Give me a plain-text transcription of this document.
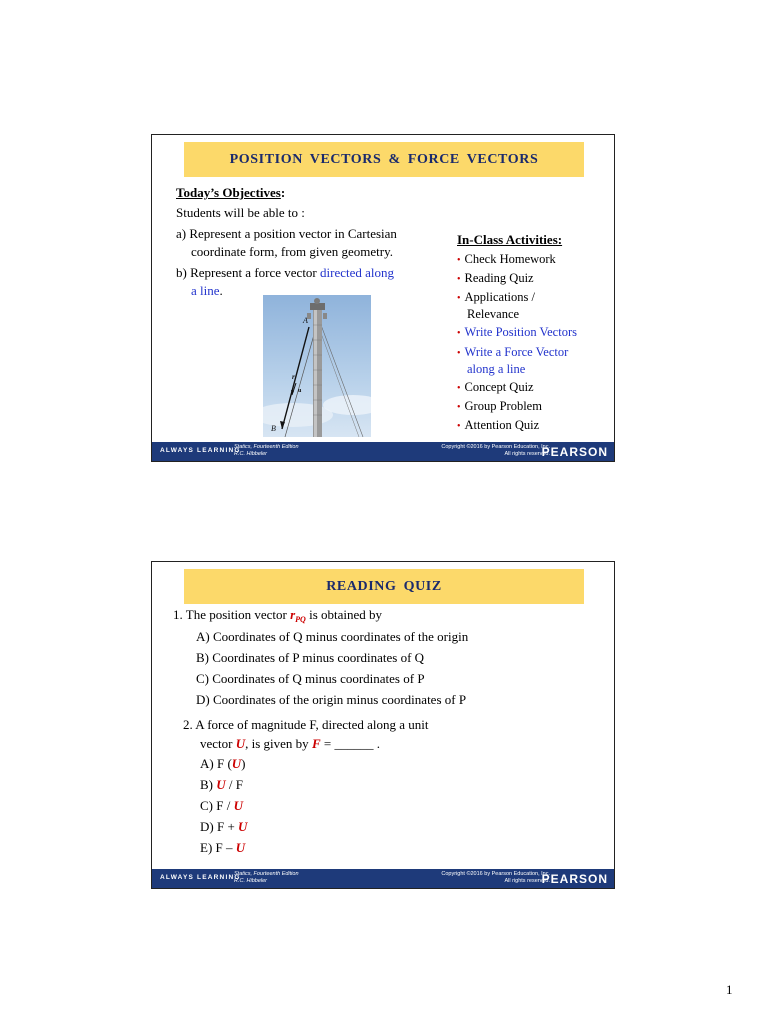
POSITION VECTORS & FORCE VECTORS
Today’s Objectives:
Students will be able to :
a) Represent a position vector in Cartesian
coordinate form, from given geometry.
b) Represent a force vector directed along
a line.
A
B
r
u
In-Class Activities:
• Check Homework
• Reading Quiz
• Applications /
Relevance
• Write Position Vectors
• Write a Force Vector
along a line
• Concept Quiz
• Group Problem
• Attention Quiz
ALWAYS LEARNING
Statics, Fourteenth Edition
R.C. Hibbeler
Copyright ©2016 by Pearson Education, Inc.
All rights reserved.
PEARSON
READING QUIZ
1. The position vector $r_{PQ}$ is obtained by
A) Coordinates of Q minus coordinates of the origin
B) Coordinates of P minus coordinates of Q
C) Coordinates of Q minus coordinates of P
D) Coordinates of the origin minus coordinates of P
2. A force of magnitude F, directed along a unit
vector U, is given by F = ______ .
A) F (U)
B) U / F
C) F / U
D) F + U
E) F – U
ALWAYS LEARNING
Statics, Fourteenth Edition
R.C. Hibbeler
Copyright ©2016 by Pearson Education, Inc.
All rights reserved.
PEARSON
1
